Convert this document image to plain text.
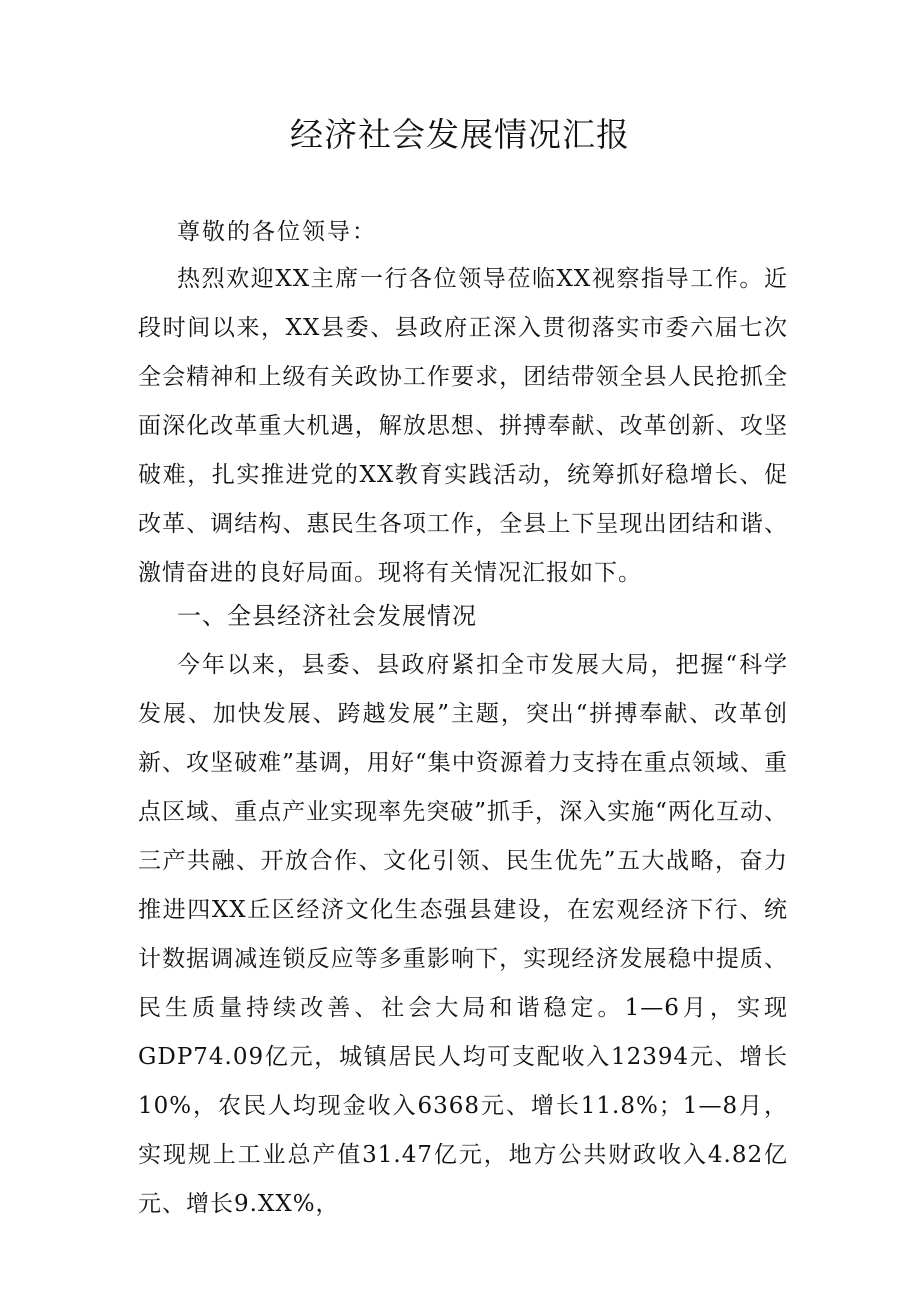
经济社会发展情况汇报

尊敬的各位领导：

热烈欢迎XX主席一行各位领导莅临XX视察指导工作。近段时间以来，XX县委、县政府正深入贯彻落实市委六届七次全会精神和上级有关政协工作要求，团结带领全县人民抢抓全面深化改革重大机遇，解放思想、拼搏奉献、改革创新、攻坚破难，扎实推进党的XX教育实践活动，统筹抓好稳增长、促改革、调结构、惠民生各项工作，全县上下呈现出团结和谐、激情奋进的良好局面。现将有关情况汇报如下。

一、全县经济社会发展情况

今年以来，县委、县政府紧扣全市发展大局，把握“科学发展、加快发展、跨越发展”主题，突出“拼搏奉献、改革创新、攻坚破难”基调，用好“集中资源着力支持在重点领域、重点区域、重点产业实现率先突破”抓手，深入实施“两化互动、三产共融、开放合作、文化引领、民生优先”五大战略，奋力推进四XX丘区经济文化生态强县建设，在宏观经济下行、统计数据调减连锁反应等多重影响下，实现经济发展稳中提质、民生质量持续改善、社会大局和谐稳定。1—6月，实现GDP74.09亿元，城镇居民人均可支配收入12394元、增长10%，农民人均现金收入6368元、增长11.8%；1—8月，实现规上工业总产值31.47亿元，地方公共财政收入4.82亿元、增长9.XX%，
